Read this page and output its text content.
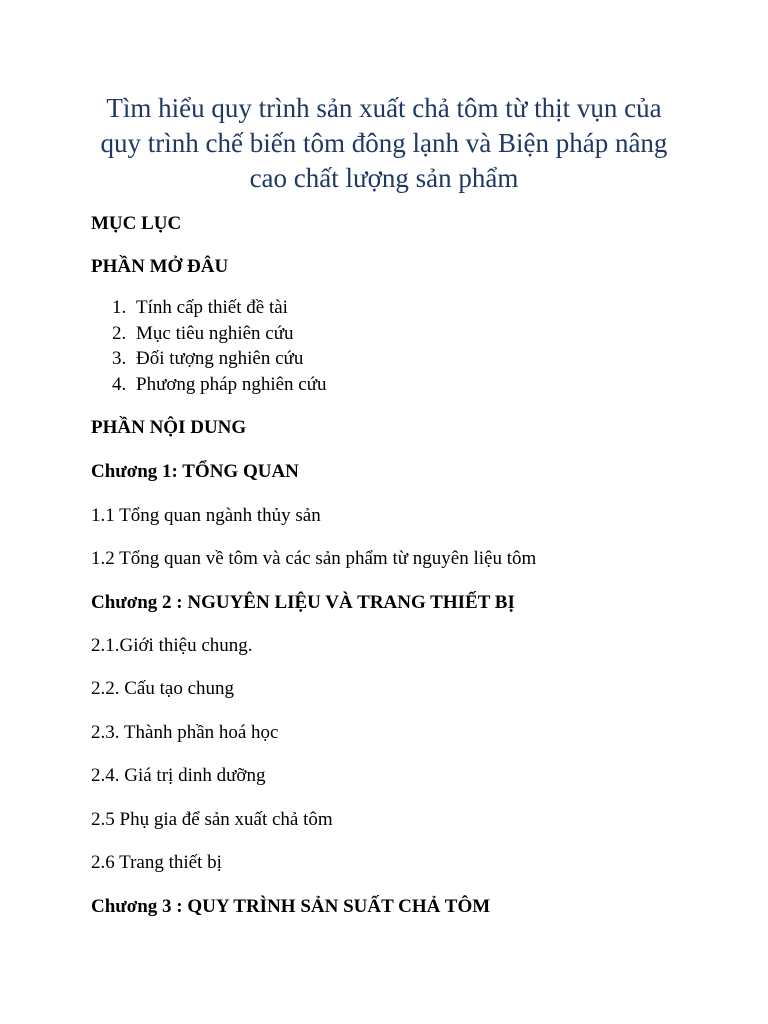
Tìm hiểu quy trình sản xuất chả tôm từ thịt vụn của
quy trình chế biến tôm đông lạnh và Biện pháp nâng
cao chất lượng sản phẩm

MỤC LỤC

PHẦN MỞ ĐÂU

1. Tính cấp thiết đề tài
2. Mục tiêu nghiên cứu
3. Đối tượng nghiên cứu
4. Phương pháp nghiên cứu

PHẦN NỘI DUNG

Chương 1: TỔNG QUAN

1.1 Tổng quan ngành thủy sản

1.2 Tổng quan về tôm và các sản phẩm từ nguyên liệu tôm

Chương 2 : NGUYÊN LIỆU VÀ TRANG THIẾT BỊ

2.1.Giới thiệu chung.

2.2. Cấu tạo chung

2.3. Thành phần hoá học

2.4. Giá trị dinh dưỡng

2.5 Phụ gia để sản xuất chả tôm

2.6 Trang thiết bị

Chương 3 : QUY TRÌNH SẢN SUẤT CHẢ TÔM
